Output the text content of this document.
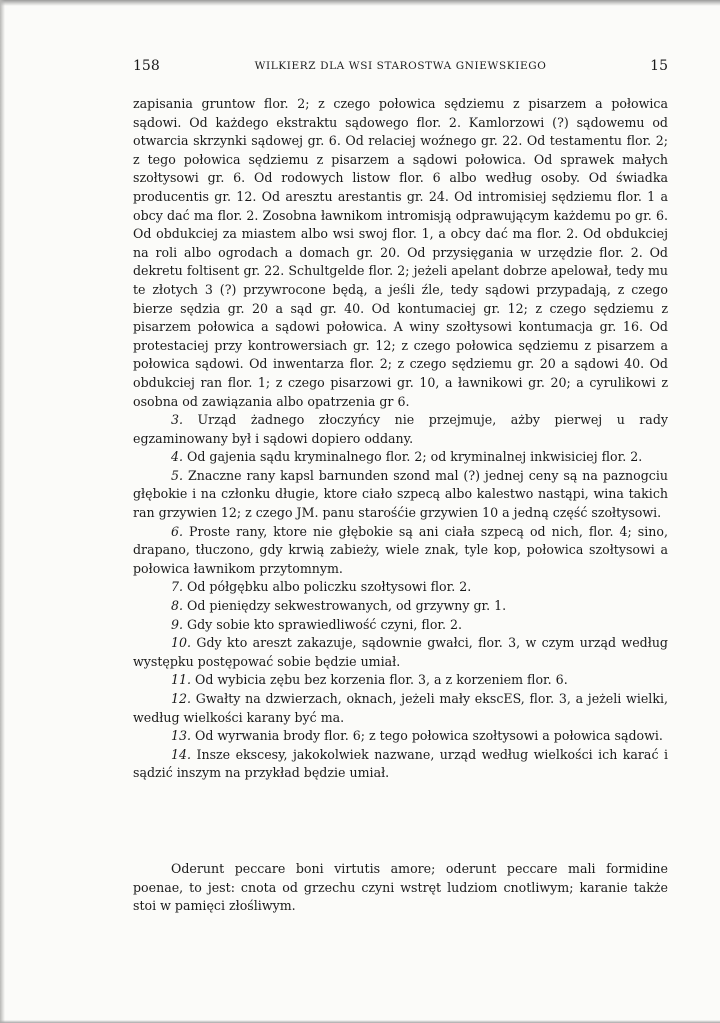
158	WILKIERZ DLA WSI STAROSTWA GNIEWSKIEGO	15

zapisania gruntow flor. 2; z czego połowica sędziemu z pisarzem a połowica sądowi. Od każdego ekstraktu sądowego flor. 2. Kamlorzowi (?) sądowemu od otwarcia skrzynki sądowej gr. 6. Od relaciej woźnego gr. 22. Od testamentu flor. 2; z tego połowica sędziemu z pisarzem a sądowi połowica. Od sprawek małych szołtysowi gr. 6. Od rodowych listow flor. 6 albo według osoby. Od świadka producentis gr. 12. Od aresztu arestantis gr. 24. Od intromisiej sędziemu flor. 1 a obcy dać ma flor. 2. Zosobna ławnikom intromisją odprawującym każdemu po gr. 6. Od obdukciej za miastem albo wsi swoj flor. 1, a obcy dać ma flor. 2. Od obdukciej na roli albo ogrodach a domach gr. 20. Od przysięgania w urzędzie flor. 2. Od dekretu foltisent gr. 22. Schultgelde flor. 2; jeżeli apelant dobrze apelował, tedy mu te złotych 3 (?) przywrocone będą, a jeśli źle, tedy sądowi przypadają, z czego bierze sędzia gr. 20 a sąd gr. 40. Od kontumaciej gr. 12; z czego sędziemu z pisarzem połowica a sądowi połowica. A winy szołtysowi kontumacja gr. 16. Od protestaciej przy kontrowersiach gr. 12; z czego połowica sędziemu z pisarzem a połowica sądowi. Od inwentarza flor. 2; z czego sędziemu gr. 20 a sądowi 40. Od obdukciej ran flor. 1; z czego pisarzowi gr. 10, a ławnikowi gr. 20; a cyrulikowi z osobna od zawiązania albo opatrzenia gr 6.

3. Urząd żadnego złoczyńcy nie przejmuje, ażby pierwej u rady egzaminowany był i sądowi dopiero oddany.

4. Od gajenia sądu kryminalnego flor. 2; od kryminalnej inkwisiciej flor. 2.

5. Znaczne rany kapsl barnunden szond mal (?) jednej ceny są na paznogciu głębokie i na członku długie, ktore ciało szpecą albo kalestwo nastąpi, wina takich ran grzywien 12; z czego JM. panu starośćie grzywien 10 a jedną część szołtysowi.

6. Proste rany, ktore nie głębokie są ani ciała szpecą od nich, flor. 4; sino, drapano, tłuczono, gdy krwią zabieży, wiele znak, tyle kop, połowica szołtysowi a połowica ławnikom przytomnym.

7. Od półgębku albo policzku szołtysowi flor. 2.

8. Od pieniędzy sekwestrowanych, od grzywny gr. 1.

9. Gdy sobie kto sprawiedliwość czyni, flor. 2.

10. Gdy kto areszt zakazuje, sądownie gwałci, flor. 3, w czym urząd według występku postępować sobie będzie umiał.

11. Od wybicia zębu bez korzenia flor. 3, a z korzeniem flor. 6.

12. Gwałty na dzwierzach, oknach, jeżeli mały ekscES, flor. 3, a jeżeli wielki, według wielkości karany być ma.

13. Od wyrwania brody flor. 6; z tego połowica szołtysowi a połowica sądowi.

14. Insze ekscesy, jakokolwiek nazwane, urząd według wielkości ich karać i sądzić inszym na przykład będzie umiał.

Oderunt peccare boni virtutis amore; oderunt peccare mali formidine poenae, to jest: cnota od grzechu czyni wstręt ludziom cnotliwym; karanie także stoi w pamięci złośliwym.
